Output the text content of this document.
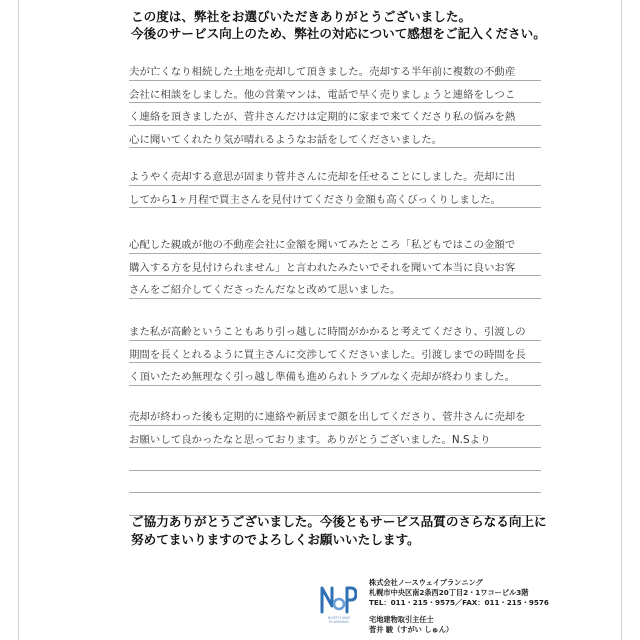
この度は、弊社をお選びいただきありがとうございました。
今後のサービス向上のため、弊社の対応について感想をご記入ください。
夫が亡くなり相続した土地を売却して頂きました。売却する半年前に複数の不動産
会社に相談をしました。他の営業マンは、電話で早く売りましょうと連絡をしつこ
く連絡を頂きましたが、菅井さんだけは定期的に家まで来てくださり私の悩みを熱
心に聞いてくれたり気が晴れるようなお話をしてくださいました。
ようやく売却する意思が固まり菅井さんに売却を任せることにしました。売却に出
してから1ヶ月程で買主さんを見付けてくださり金額も高くびっくりしました。
心配した親戚が他の不動産会社に金額を聞いてみたところ「私どもではこの金額で
購入する方を見付けられません」と言われたみたいでそれを聞いて本当に良いお客
さんをご紹介してくださったんだなと改めて思いました。
また私が高齢ということもあり引っ越しに時間がかかると考えてくださり、引渡しの
期間を長くとれるように買主さんに交渉してくださいました。引渡しまでの時間を長
く頂いたため無理なく引っ越し準備も進められトラブルなく売却が終わりました。
売却が終わった後も定期的に連絡や新居まで顔を出してくださり、菅井さんに売却を
お願いして良かったなと思っております。ありがとうございました。N.Sより
ご協力ありがとうございました。今後ともサービス品質のさらなる向上に
努めてまいりますのでよろしくお願いいたします。
NORTH WAY PLANNING
株式会社ノースウェイプランニング
札幌市中央区南2条西20丁目2・1ワコービル3階
TEL：011・215・9575／FAX：011・215・9576
宅地建物取引主任士
菅井 駿（すがい しゅん）
